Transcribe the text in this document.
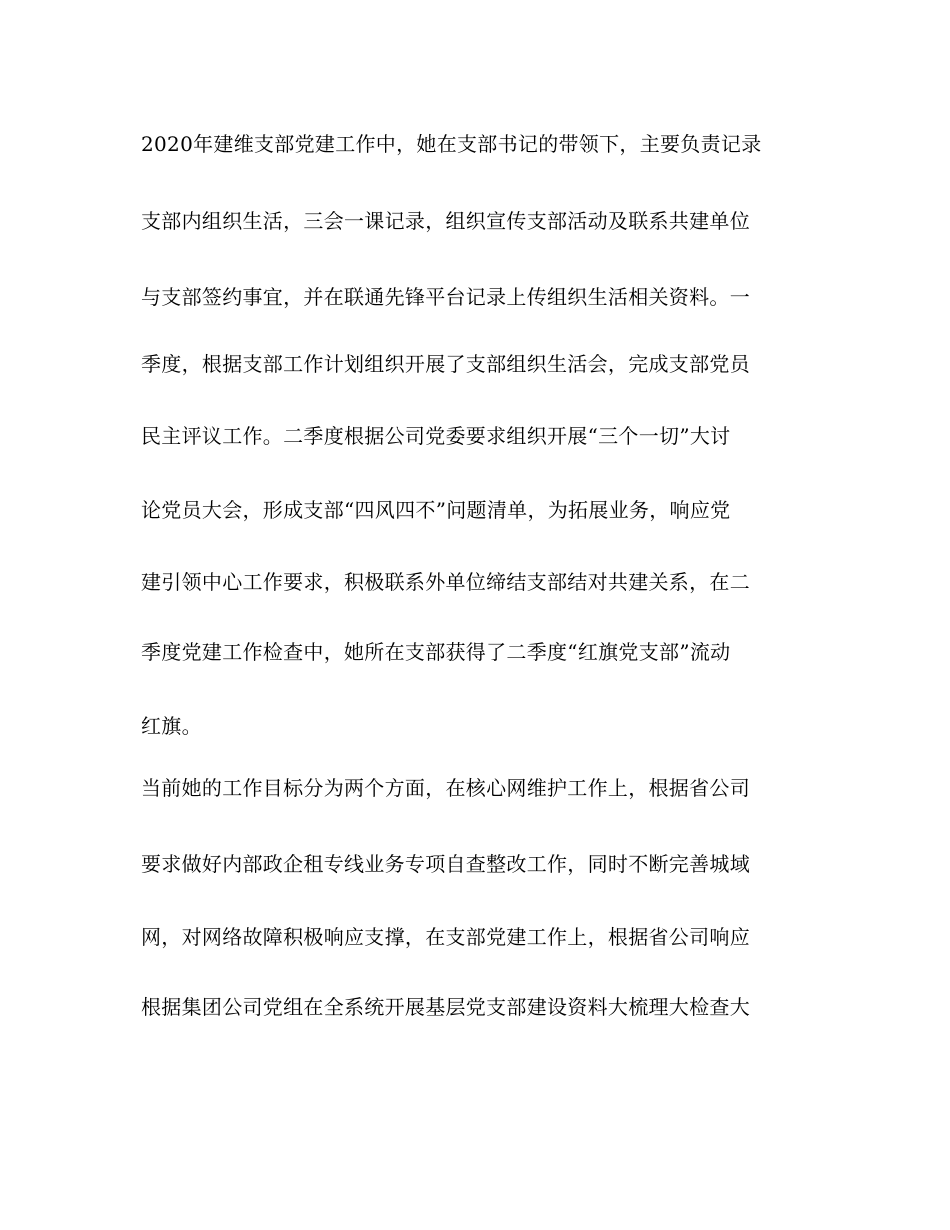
2020年建维支部党建工作中，她在支部书记的带领下，主要负责记录
支部内组织生活，三会一课记录，组织宣传支部活动及联系共建单位
与支部签约事宜，并在联通先锋平台记录上传组织生活相关资料。一
季度，根据支部工作计划组织开展了支部组织生活会，完成支部党员
民主评议工作。二季度根据公司党委要求组织开展“三个一切”大讨
论党员大会，形成支部“四风四不”问题清单，为拓展业务，响应党
建引领中心工作要求，积极联系外单位缔结支部结对共建关系，在二
季度党建工作检查中，她所在支部获得了二季度“红旗党支部”流动
红旗。
当前她的工作目标分为两个方面，在核心网维护工作上，根据省公司
要求做好内部政企租专线业务专项自查整改工作，同时不断完善城域
网，对网络故障积极响应支撑，在支部党建工作上，根据省公司响应
根据集团公司党组在全系统开展基层党支部建设资料大梳理大检查大
